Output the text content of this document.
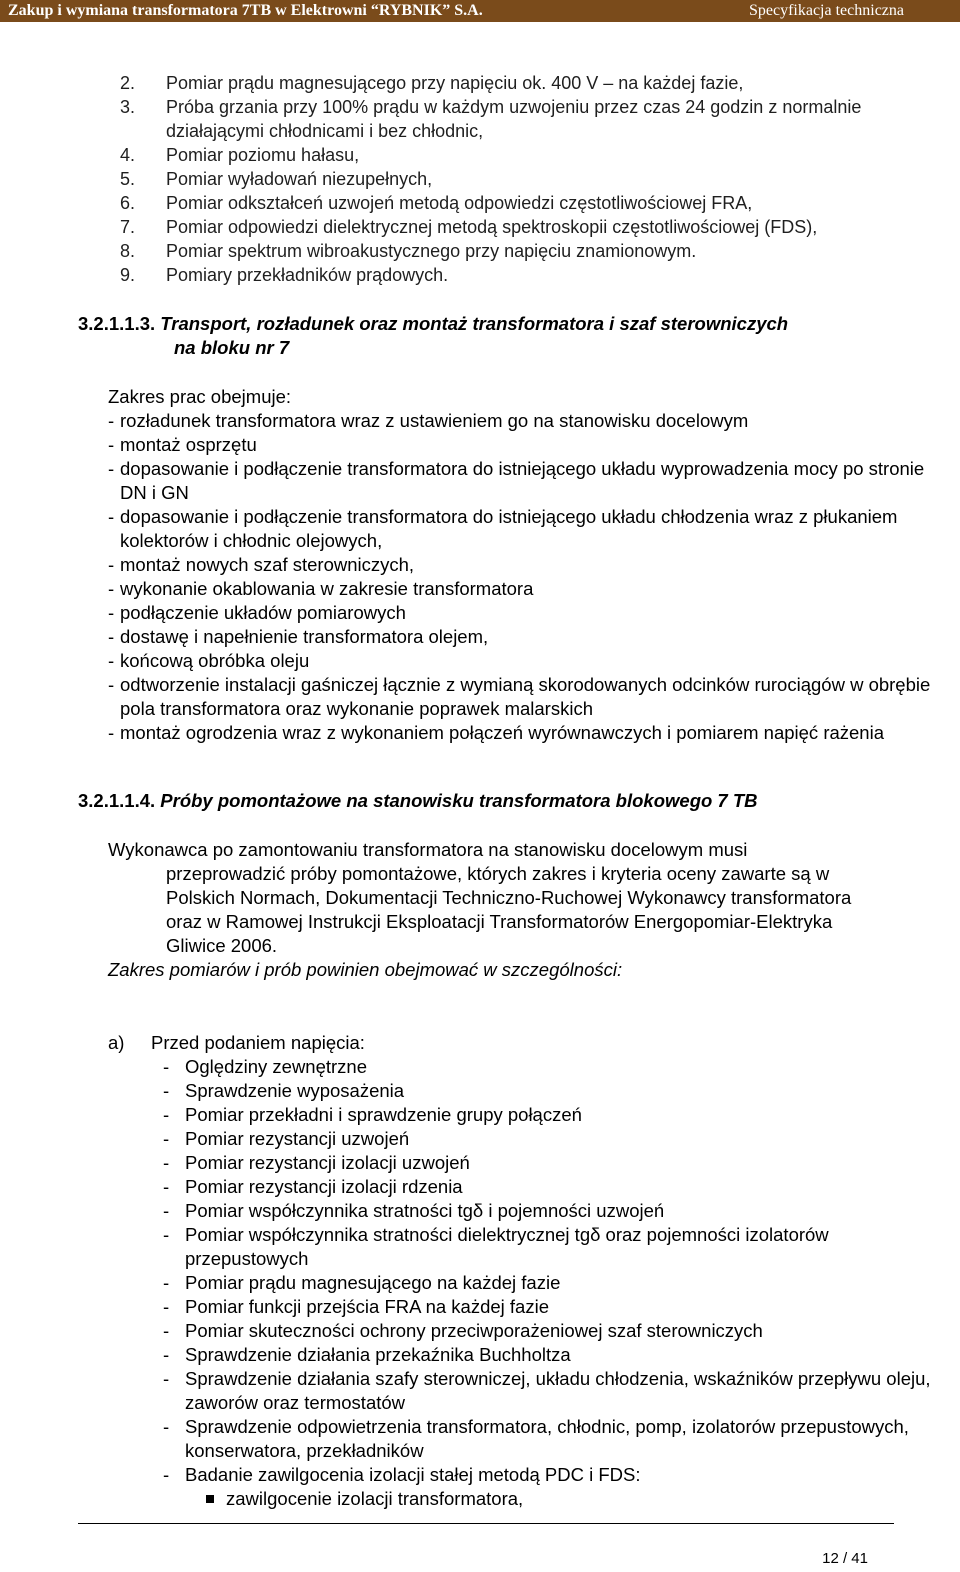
Zakup i wymiana transformatora 7TB w Elektrowni “RYBNIK” S.A.	Specyfikacja techniczna
2. Pomiar prądu magnesującego przy napięciu ok. 400 V – na każdej fazie,
3. Próba grzania przy 100% prądu w każdym uzwojeniu przez czas 24 godzin z normalnie działającymi chłodnicami i bez chłodnic,
4. Pomiar poziomu hałasu,
5. Pomiar wyładowań niezupełnych,
6. Pomiar odkształceń uzwojeń metodą odpowiedzi częstotliwościowej FRA,
7. Pomiar odpowiedzi dielektrycznej metodą spektroskopii częstotliwościowej (FDS),
8. Pomiar spektrum wibroakustycznego przy napięciu znamionowym.
9. Pomiary przekładników prądowych.
3.2.1.1.3. Transport, rozładunek oraz montaż transformatora i szaf sterowniczych
na bloku nr 7
Zakres prac obejmuje:
- rozładunek transformatora wraz z ustawieniem go na stanowisku docelowym
- montaż osprzętu
- dopasowanie i podłączenie transformatora do istniejącego układu wyprowadzenia mocy po stronie DN i GN
- dopasowanie i podłączenie transformatora do istniejącego układu chłodzenia wraz z płukaniem kolektorów i chłodnic olejowych,
- montaż nowych szaf sterowniczych,
- wykonanie okablowania w zakresie transformatora
- podłączenie układów pomiarowych
- dostawę i napełnienie transformatora olejem,
- końcową obróbka oleju
- odtworzenie instalacji gaśniczej łącznie z wymianą skorodowanych odcinków rurociągów w obrębie pola transformatora oraz wykonanie poprawek malarskich
- montaż ogrodzenia wraz z wykonaniem połączeń wyrównawczych i pomiarem napięć rażenia
3.2.1.1.4. Próby pomontażowe na stanowisku transformatora blokowego 7 TB
Wykonawca po zamontowaniu transformatora na stanowisku docelowym musi
przeprowadzić próby pomontażowe, których zakres i kryteria oceny zawarte są w
Polskich Normach, Dokumentacji Techniczno-Ruchowej Wykonawcy transformatora
oraz w Ramowej Instrukcji Eksploatacji Transformatorów Energopomiar-Elektryka
Gliwice 2006.
Zakres pomiarów i prób powinien obejmować w szczególności:
a) Przed podaniem napięcia:
- Oględziny zewnętrzne
- Sprawdzenie wyposażenia
- Pomiar przekładni i sprawdzenie grupy połączeń
- Pomiar rezystancji uzwojeń
- Pomiar rezystancji izolacji uzwojeń
- Pomiar rezystancji izolacji rdzenia
- Pomiar współczynnika stratności tgδ i pojemności uzwojeń
- Pomiar współczynnika stratności dielektrycznej tgδ oraz pojemności izolatorów przepustowych
- Pomiar prądu magnesującego na każdej fazie
- Pomiar funkcji przejścia FRA na każdej fazie
- Pomiar skuteczności ochrony przeciwporażeniowej szaf sterowniczych
- Sprawdzenie działania przekaźnika Buchholtza
- Sprawdzenie działania szafy sterowniczej, układu chłodzenia, wskaźników przepływu oleju, zaworów oraz termostatów
- Sprawdzenie odpowietrzenia transformatora, chłodnic, pomp, izolatorów przepustowych, konserwatora, przekładników
- Badanie zawilgocenia izolacji stałej metodą PDC i FDS:
zawilgocenie izolacji transformatora,
12 / 41
